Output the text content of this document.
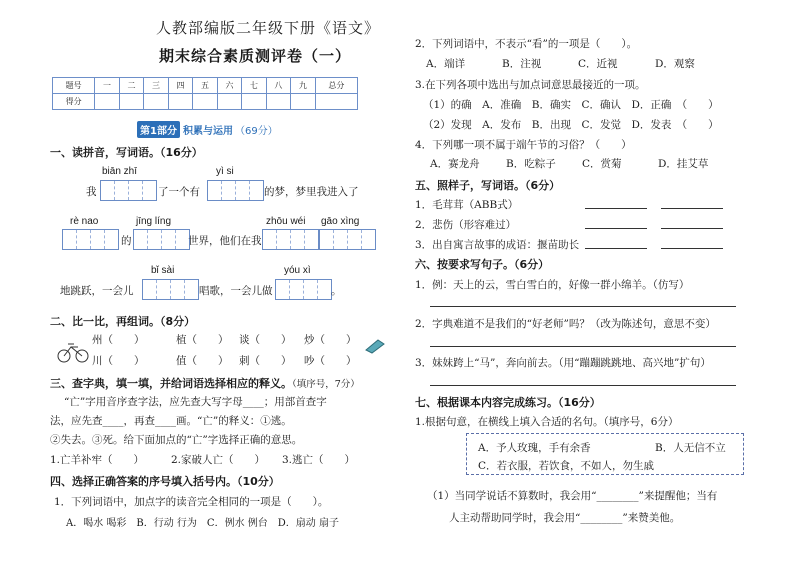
人教部编版二年级下册《语文》
期末综合素质测评卷（一）
题号	一	二	三	四	五	六	七	八	九	总分
得分										
第1部分 积累与运用 （69分）
一、读拼音，写词语。（16分）
biān zhī	yì si
我	了一个有	的梦，梦里我进入了
rè nao	jīng líng	zhōu wéi gāo xìng
的	世界，他们在我
bǐ sài	yóu xì
地跳跃，一会儿	唱歌，一会儿做	。
二、比一比，再组词。（8分）
州（　　）	植（　　） 谈（　　） 炒（　　）
川（　　）	值（　　） 刺（　　） 吵（　　）
三、查字典，填一填，并给词语选择相应的释义。（填序号，7分）
“亡”字用音序查字法，应先查大写字母____；用部首查字
法，应先查____，再查____画。“亡”的释义：①逃。
②失去。③死。给下面加点的“亡”字选择正确的意思。
1.亡羊补牢（　　）	2.家破人亡（　　） 3.逃亡（　　）
四、选择正确答案的序号填入括号内。（10分）
1．下列词语中，加点字的读音完全相同的一项是（　　）。
A．喝水 喝彩　B．行动 行为　C．例水 例台　D．扇动 扇子
2．下列词语中，不表示“看”的一项是（　　）。
A．端详	B．注视	C．近视	D．观察
3.在下列各项中选出与加点词意思最接近的一项。
（1）的确　A．准确　B．确实　C．确认　D．正确　（　　）
（2）发现　A．发布　B．出现　C．发觉　D．发表　（　　）
4．下列哪一项不属于端午节的习俗？（　　）
A．赛龙舟	B．吃粽子	C．赏菊	D．挂艾草
五、照样子，写词语。（6分）
1．毛茸茸（ABB式）
2．悲伤（形容难过）
3．出自寓言故事的成语：揠苗助长
六、按要求写句子。（6分）
1．例：天上的云，雪白雪白的，好像一群小绵羊。（仿写）
2．字典难道不是我们的“好老师”吗？（改为陈述句，意思不变）
3．妹妹跨上“马”，奔向前去。（用“蹦蹦跳跳地、高兴地”扩句）
七、根据课本内容完成练习。（16分）
1.根据句意，在横线上填入合适的名句。（填序号，6分）
A．予人玫瑰，手有余香	B．人无信不立
C．若衣服，若饮食，不如人，勿生戚
（1）当同学说话不算数时，我会用“________”来提醒他；当有
人主动帮助同学时，我会用“________”来赞美他。
